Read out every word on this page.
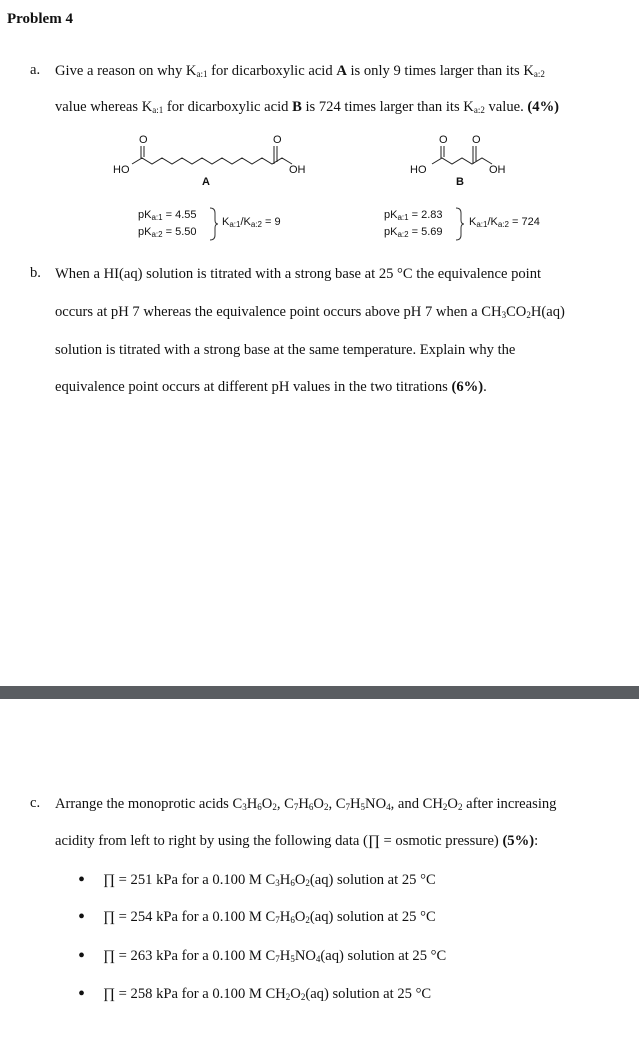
Problem 4
a. Give a reason on why $K_{a:1}$ for dicarboxylic acid A is only 9 times larger than its $K_{a:2}$
value whereas $K_{a:1}$ for dicarboxylic acid B is 724 times larger than its $K_{a:2}$ value. (4%)
O	O
HO	OH
A
$pK_{a:1} = 4.55$
$pK_{a:2} = 5.50$
$K_{a:1}/K_{a:2} = 9$
O O
HO	OH
B
$pK_{a:1} = 2.83$
$pK_{a:2} = 5.69$
$K_{a:1}/K_{a:2} = 724$
b. When a HI(aq) solution is titrated with a strong base at 25 °C the equivalence point
occurs at pH 7 whereas the equivalence point occurs above pH 7 when a $CH_3CO_2H(aq)$
solution is titrated with a strong base at the same temperature. Explain why the
equivalence point occurs at different pH values in the two titrations (6%).
c. Arrange the monoprotic acids $C_3H_6O_2$, $C_7H_6O_2$, $C_7H_5NO_4$, and $CH_2O_2$ after increasing
acidity from left to right by using the following data (∏ = osmotic pressure) (5%):
• ∏ = 251 kPa for a 0.100 M $C_3H_6O_2(aq)$ solution at 25 °C
• ∏ = 254 kPa for a 0.100 M $C_7H_6O_2(aq)$ solution at 25 °C
• ∏ = 263 kPa for a 0.100 M $C_7H_5NO_4(aq)$ solution at 25 °C
• ∏ = 258 kPa for a 0.100 M $CH_2O_2(aq)$ solution at 25 °C
